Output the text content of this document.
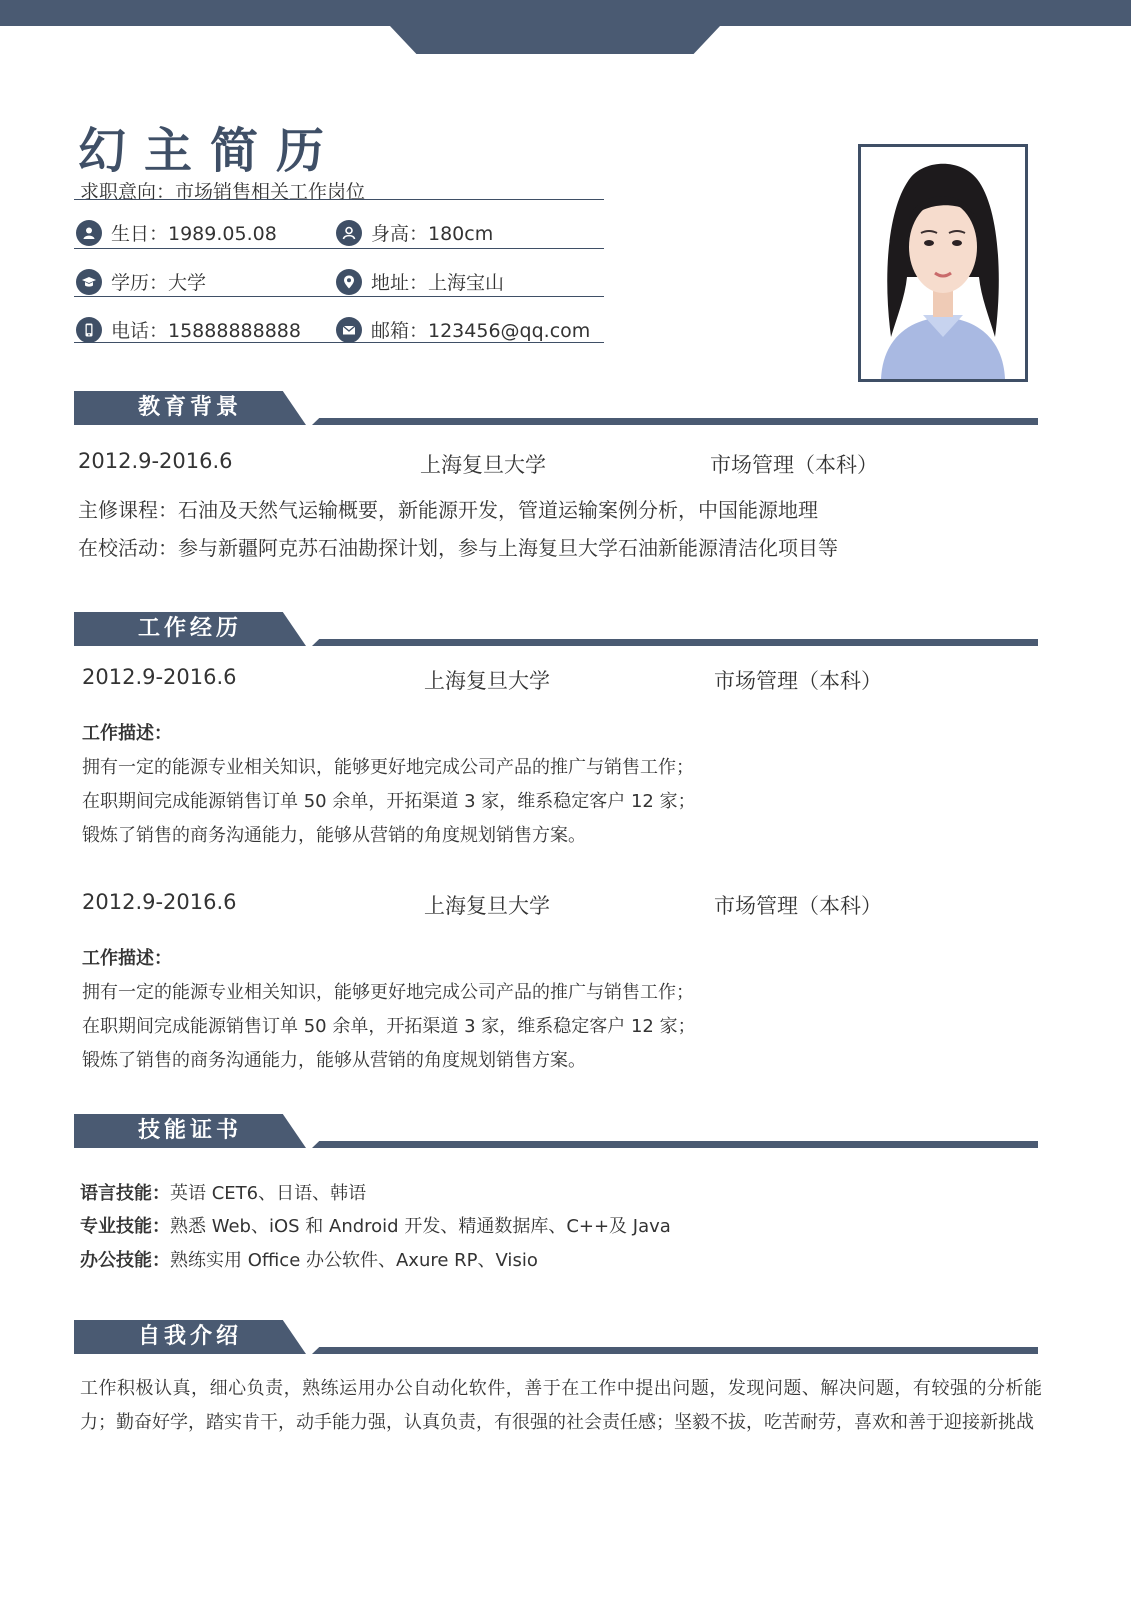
幻主简历
求职意向：市场销售相关工作岗位
生日：1989.05.08	身高：180cm
学历：大学	地址：上海宝山
电话：15888888888	邮箱：123456@qq.com
教育背景
2012.9-2016.6	上海复旦大学	市场管理（本科）
主修课程：石油及天然气运输概要，新能源开发，管道运输案例分析，中国能源地理
在校活动：参与新疆阿克苏石油勘探计划，参与上海复旦大学石油新能源清洁化项目等
工作经历
2012.9-2016.6	上海复旦大学	市场管理（本科）
工作描述：
拥有一定的能源专业相关知识，能够更好地完成公司产品的推广与销售工作；
在职期间完成能源销售订单 50 余单，开拓渠道 3 家，维系稳定客户 12 家；
锻炼了销售的商务沟通能力，能够从营销的角度规划销售方案。
2012.9-2016.6	上海复旦大学	市场管理（本科）
工作描述：
拥有一定的能源专业相关知识，能够更好地完成公司产品的推广与销售工作；
在职期间完成能源销售订单 50 余单，开拓渠道 3 家，维系稳定客户 12 家；
锻炼了销售的商务沟通能力，能够从营销的角度规划销售方案。
技能证书
语言技能：英语 CET6、日语、韩语
专业技能：熟悉 Web、iOS 和 Android 开发、精通数据库、C++及 Java
办公技能：熟练实用 Office 办公软件、Axure RP、Visio
自我介绍
工作积极认真，细心负责，熟练运用办公自动化软件，善于在工作中提出问题，发现问题、解决问题，有较强的分析能力；勤奋好学，踏实肯干，动手能力强，认真负责，有很强的社会责任感；坚毅不拔，吃苦耐劳，喜欢和善于迎接新挑战
